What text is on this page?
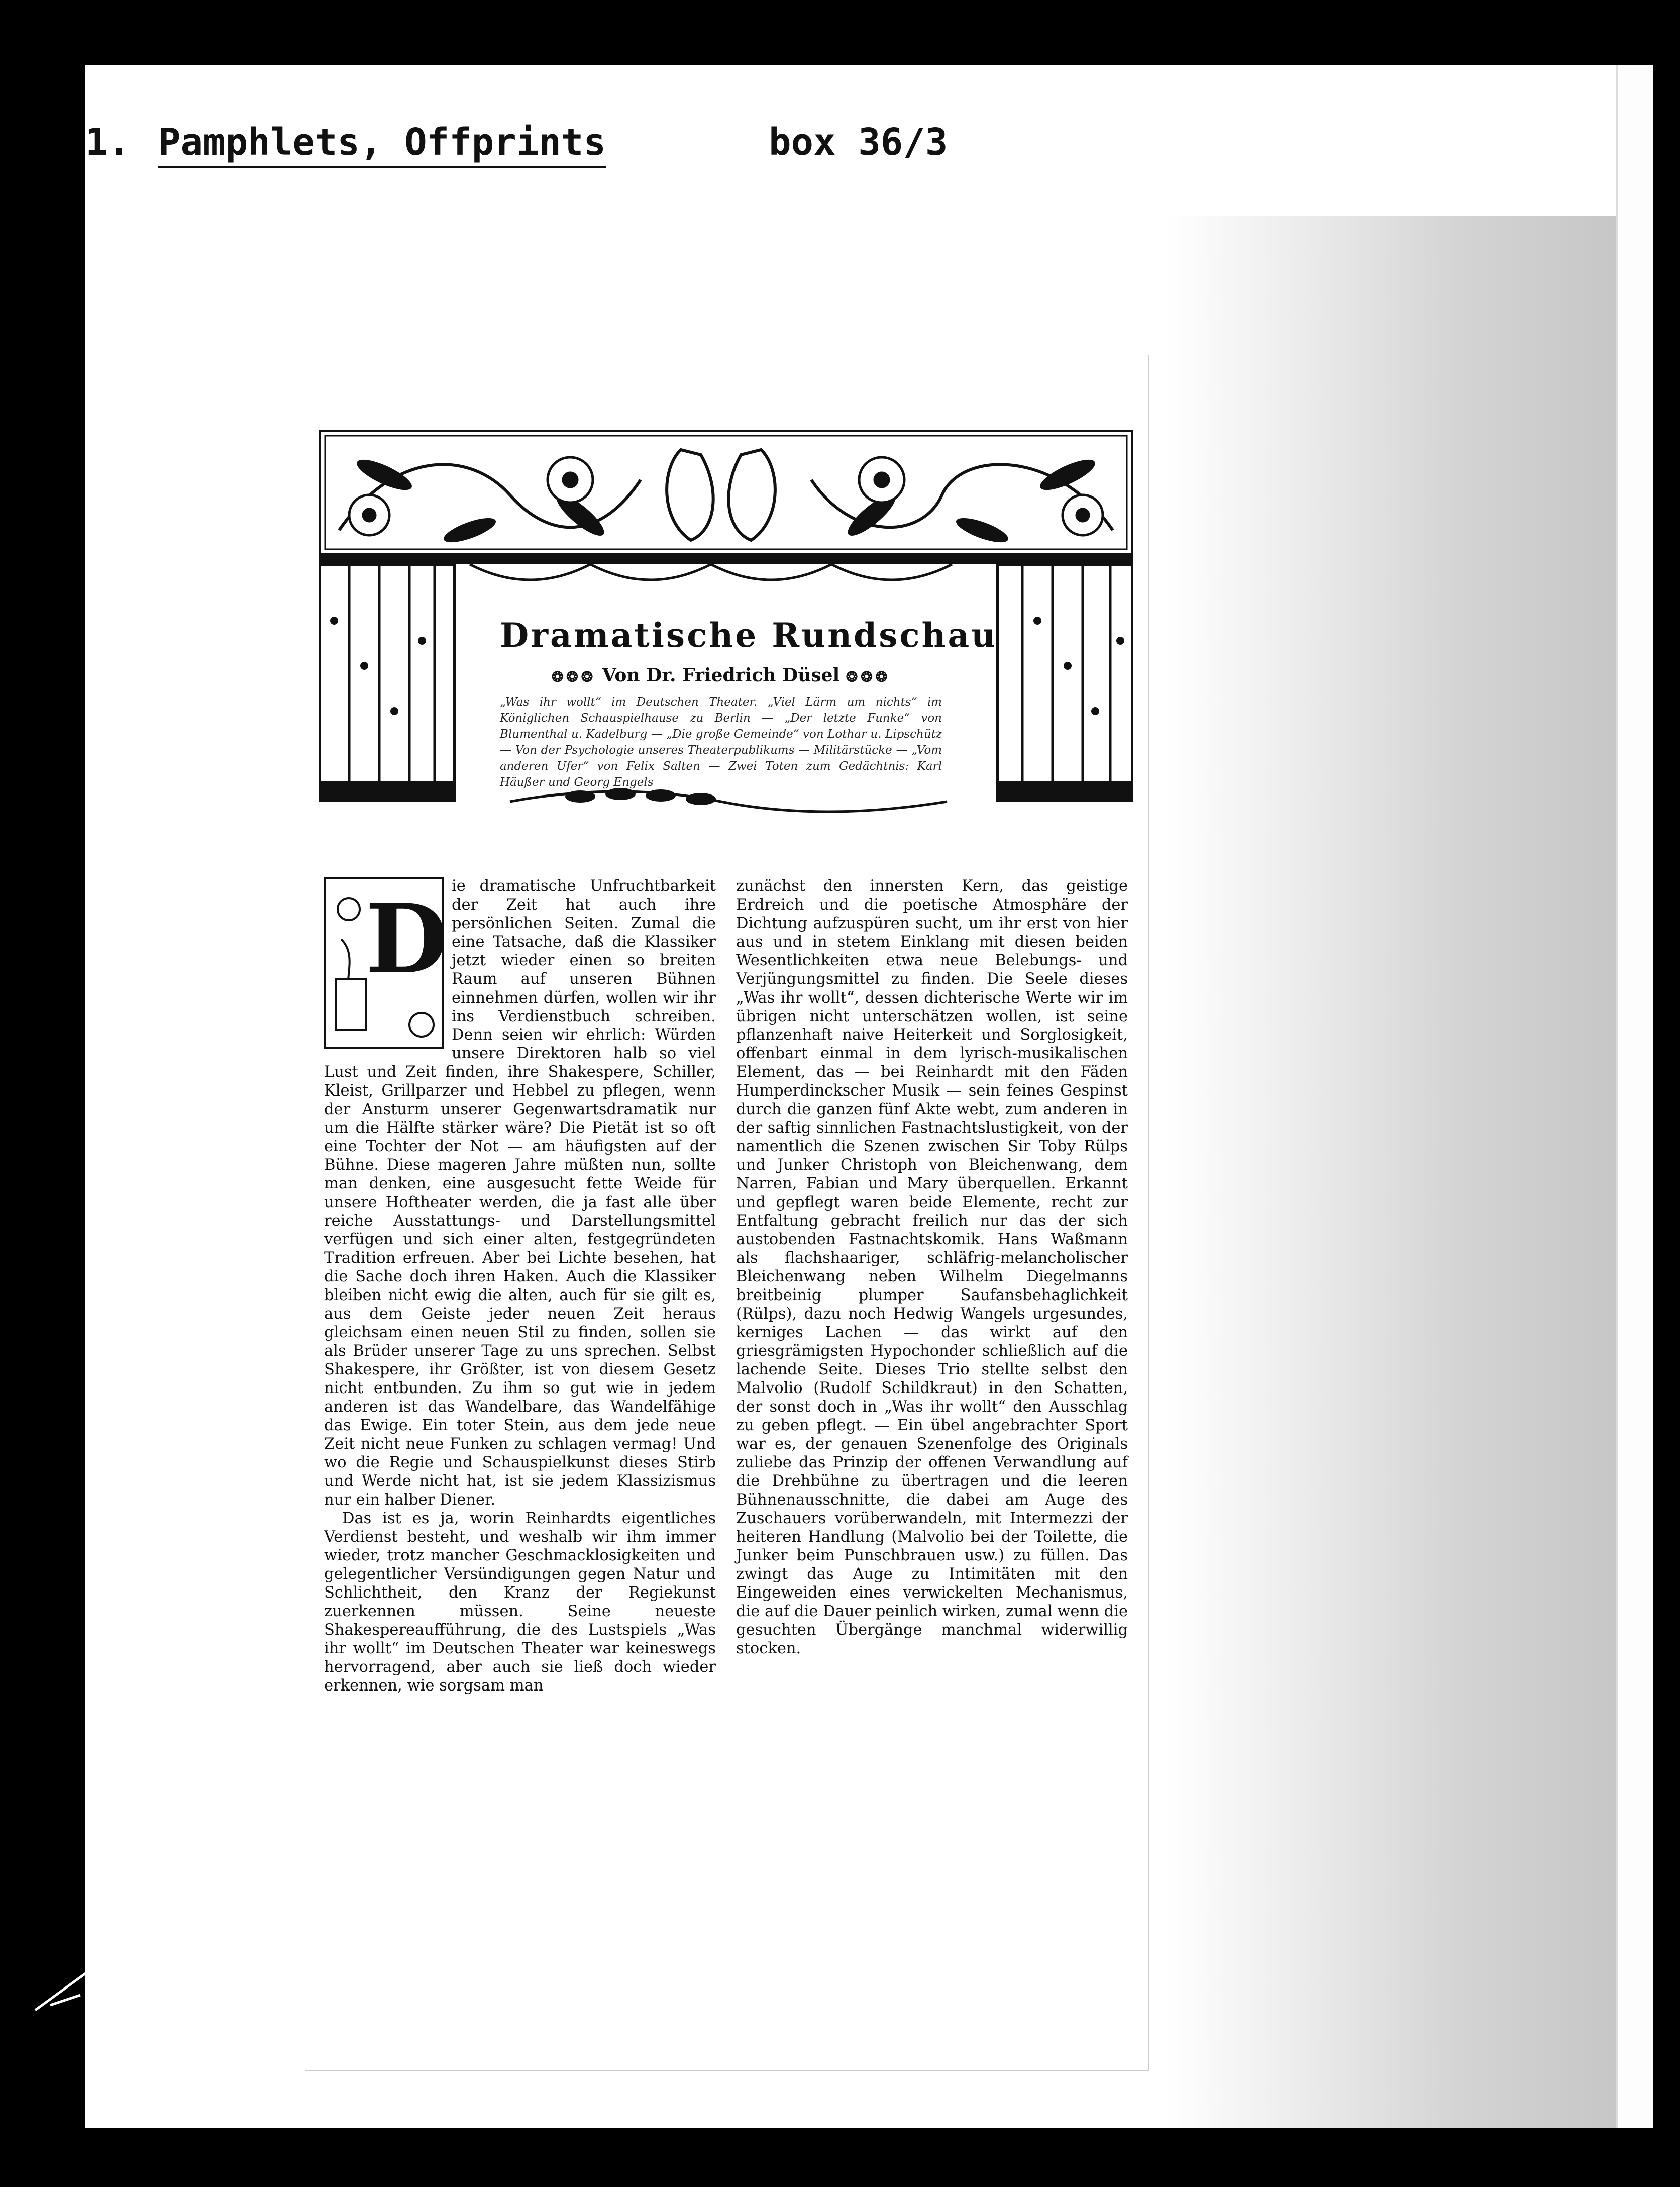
1. Pamphlets, Offprints	box 36/3
Dramatische Rundschau
❂❂❂ Von Dr. Friedrich Düsel ❂❂❂
„Was ihr wollt“ im Deutschen Theater. „Viel Lärm um nichts“ im Königlichen Schauspielhause zu Berlin — „Der letzte Funke“ von Blumenthal u. Kadelburg — „Die große Gemeinde“ von Lothar u. Lipschütz — Von der Psychologie unseres Theaterpublikums — Militärstücke — „Vom anderen Ufer“ von Felix Salten — Zwei Toten zum Gedächtnis: Karl Häußer und Georg Engels
D ie dramatische Unfruchtbarkeit der Zeit hat auch ihre persönlichen Seiten. Zumal die eine Tatsache, daß die Klassiker jetzt wieder einen so breiten Raum auf unseren Bühnen einnehmen dürfen, wollen wir ihr ins Verdienstbuch schreiben. Denn seien wir ehrlich: Würden unsere Direktoren halb so viel Lust und Zeit finden, ihre Shakespere, Schiller, Kleist, Grillparzer und Hebbel zu pflegen, wenn der Ansturm unserer Gegenwartsdramatik nur um die Hälfte stärker wäre? Die Pietät ist so oft eine Tochter der Not — am häufigsten auf der Bühne. Diese mageren Jahre müßten nun, sollte man denken, eine ausgesucht fette Weide für unsere Hoftheater werden, die ja fast alle über reiche Ausstattungs- und Darstellungsmittel verfügen und sich einer alten, festgegründeten Tradition erfreuen. Aber bei Lichte besehen, hat die Sache doch ihren Haken. Auch die Klassiker bleiben nicht ewig die alten, auch für sie gilt es, aus dem Geiste jeder neuen Zeit heraus gleichsam einen neuen Stil zu finden, sollen sie als Brüder unserer Tage zu uns sprechen. Selbst Shakespere, ihr Größter, ist von diesem Gesetz nicht entbunden. Zu ihm so gut wie in jedem anderen ist das Wandelbare, das Wandelfähige das Ewige. Ein toter Stein, aus dem jede neue Zeit nicht neue Funken zu schlagen vermag! Und wo die Regie und Schauspielkunst dieses Stirb und Werde nicht hat, ist sie jedem Klassizismus nur ein halber Diener.

Das ist es ja, worin Reinhardts eigentliches Verdienst besteht, und weshalb wir ihm immer wieder, trotz mancher Geschmacklosigkeiten und gelegentlicher Versündigungen gegen Natur und Schlichtheit, den Kranz der Regiekunst zuerkennen müssen. Seine neueste Shakespereaufführung, die des Lustspiels „Was ihr wollt“ im Deutschen Theater war keineswegs hervorragend, aber auch sie ließ doch wieder erkennen, wie sorgsam man

zunächst den innersten Kern, das geistige Erdreich und die poetische Atmosphäre der Dichtung aufzuspüren sucht, um ihr erst von hier aus und in stetem Einklang mit diesen beiden Wesentlichkeiten etwa neue Belebungs- und Verjüngungsmittel zu finden. Die Seele dieses „Was ihr wollt“, dessen dichterische Werte wir im übrigen nicht unterschätzen wollen, ist seine pflanzenhaft naive Heiterkeit und Sorglosigkeit, offenbart einmal in dem lyrisch-musikalischen Element, das — bei Reinhardt mit den Fäden Humperdinckscher Musik — sein feines Gespinst durch die ganzen fünf Akte webt, zum anderen in der saftig sinnlichen Fastnachtslustigkeit, von der namentlich die Szenen zwischen Sir Toby Rülps und Junker Christoph von Bleichenwang, dem Narren, Fabian und Mary überquellen. Erkannt und gepflegt waren beide Elemente, recht zur Entfaltung gebracht freilich nur das der sich austobenden Fastnachtskomik. Hans Waßmann als flachshaariger, schläfrig-melancholischer Bleichenwang neben Wilhelm Diegelmanns breitbeinig plumper Saufansbehaglichkeit (Rülps), dazu noch Hedwig Wangels urgesundes, kerniges Lachen — das wirkt auf den griesgrämigsten Hypochonder schließlich auf die lachende Seite. Dieses Trio stellte selbst den Malvolio (Rudolf Schildkraut) in den Schatten, der sonst doch in „Was ihr wollt“ den Ausschlag zu geben pflegt. — Ein übel angebrachter Sport war es, der genauen Szenenfolge des Originals zuliebe das Prinzip der offenen Verwandlung auf die Drehbühne zu übertragen und die leeren Bühnenausschnitte, die dabei am Auge des Zuschauers vorüberwandeln, mit Intermezzi der heiteren Handlung (Malvolio bei der Toilette, die Junker beim Punschbrauen usw.) zu füllen. Das zwingt das Auge zu Intimitäten mit den Eingeweiden eines verwickelten Mechanismus, die auf die Dauer peinlich wirken, zumal wenn die gesuchten Übergänge manchmal widerwillig stocken.
